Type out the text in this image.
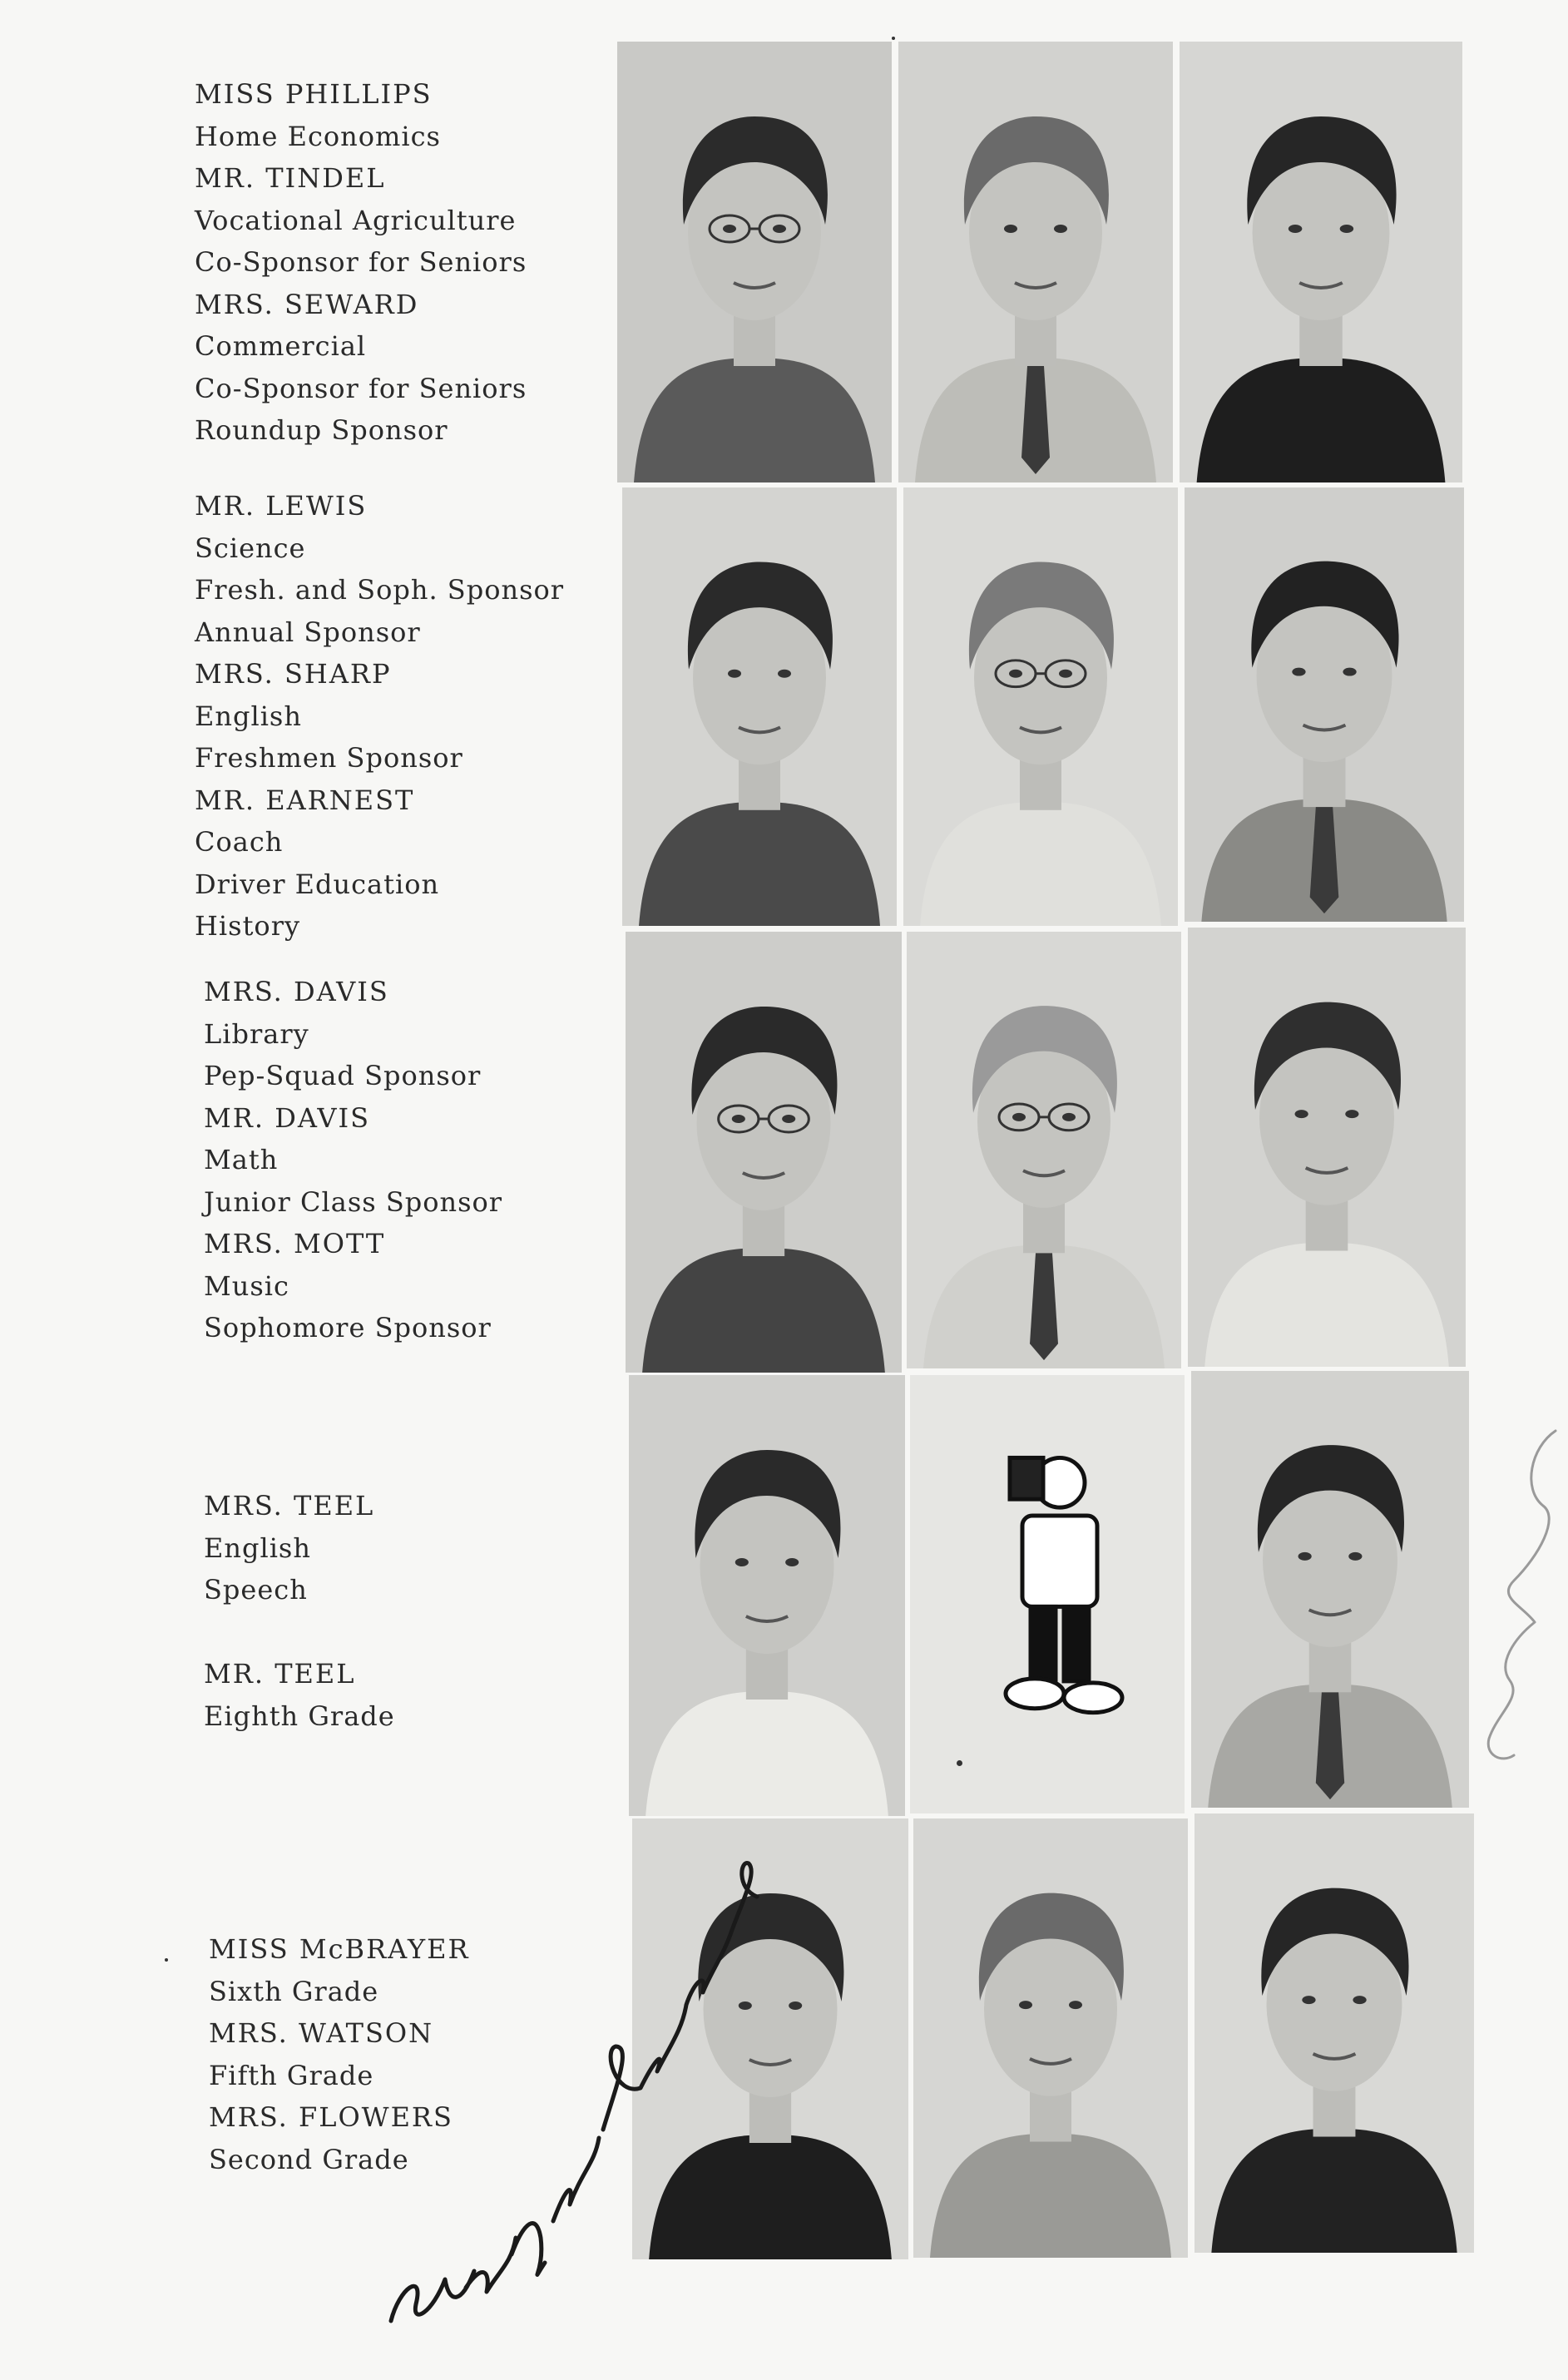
MISS PHILLIPS
Home Economics
MR. TINDEL
Vocational Agriculture
Co-Sponsor for Seniors
MRS. SEWARD
Commercial
Co-Sponsor for Seniors
Roundup Sponsor
MR. LEWIS
Science
Fresh. and Soph. Sponsor
Annual Sponsor
MRS. SHARP
English
Freshmen Sponsor
MR. EARNEST
Coach
Driver Education
History
MRS. DAVIS
Library
Pep-Squad Sponsor
MR. DAVIS
Math
Junior Class Sponsor
MRS. MOTT
Music
Sophomore Sponsor
MRS. TEEL
English
Speech

MR. TEEL
Eighth Grade
MISS McBRAYER
Sixth Grade
MRS. WATSON
Fifth Grade
MRS. FLOWERS
Second Grade
